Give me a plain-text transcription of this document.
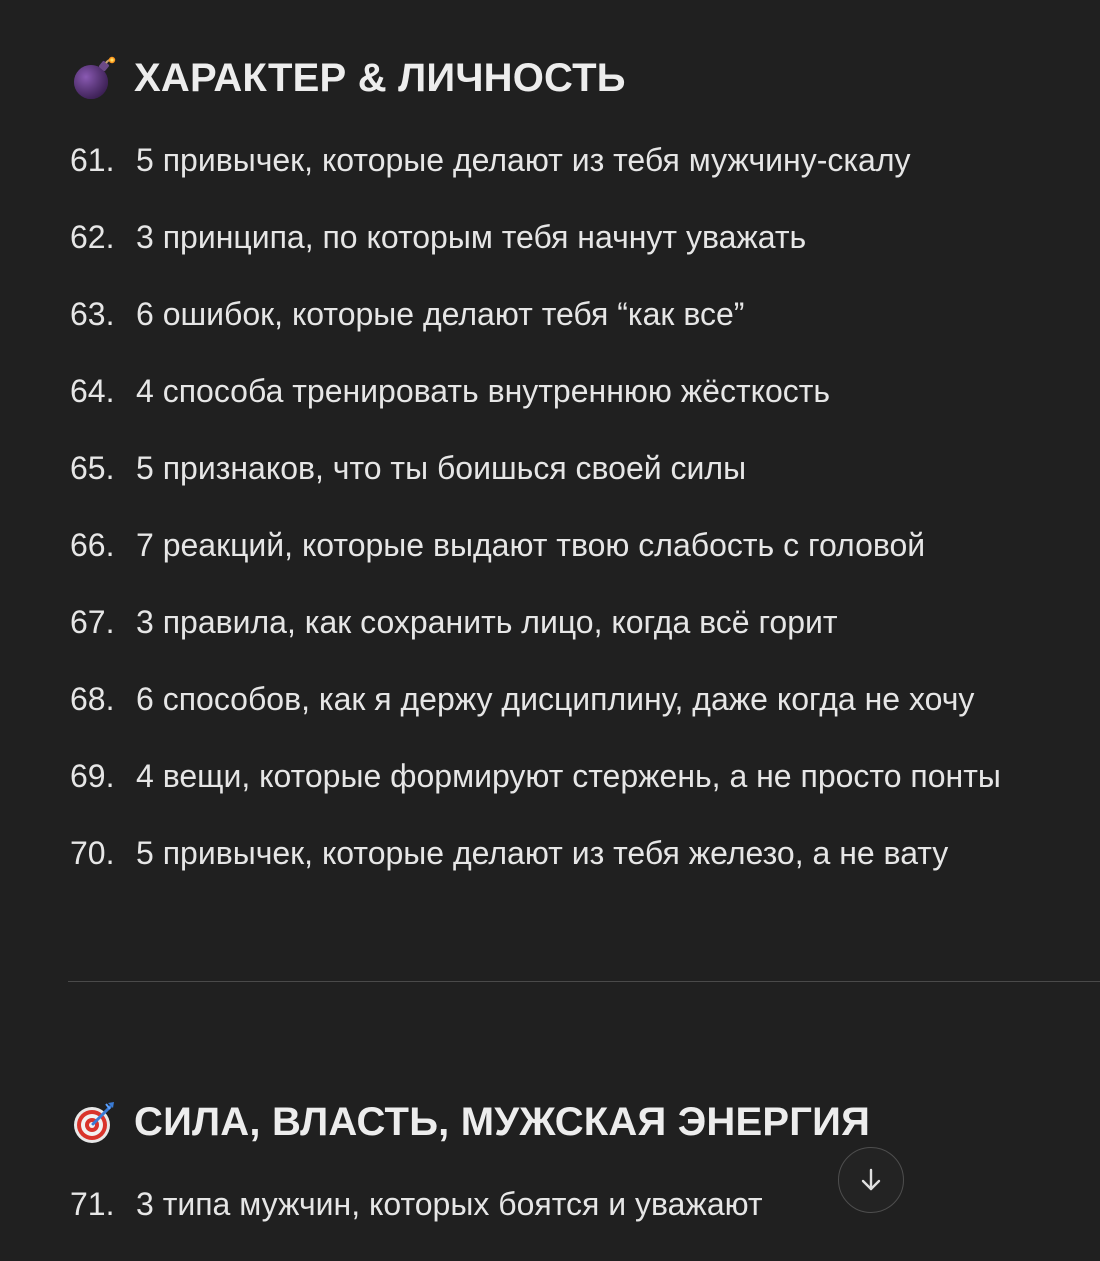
ХАРАКТЕР & ЛИЧНОСТЬ
61. 5 привычек, которые делают из тебя мужчину-скалу
62. 3 принципа, по которым тебя начнут уважать
63. 6 ошибок, которые делают тебя “как все”
64. 4 способа тренировать внутреннюю жёсткость
65. 5 признаков, что ты боишься своей силы
66. 7 реакций, которые выдают твою слабость с головой
67. 3 правила, как сохранить лицо, когда всё горит
68. 6 способов, как я держу дисциплину, даже когда не хочу
69. 4 вещи, которые формируют стержень, а не просто понты
70. 5 привычек, которые делают из тебя железо, а не вату
СИЛА, ВЛАСТЬ, МУЖСКАЯ ЭНЕРГИЯ
71. 3 типа мужчин, которых боятся и уважают
